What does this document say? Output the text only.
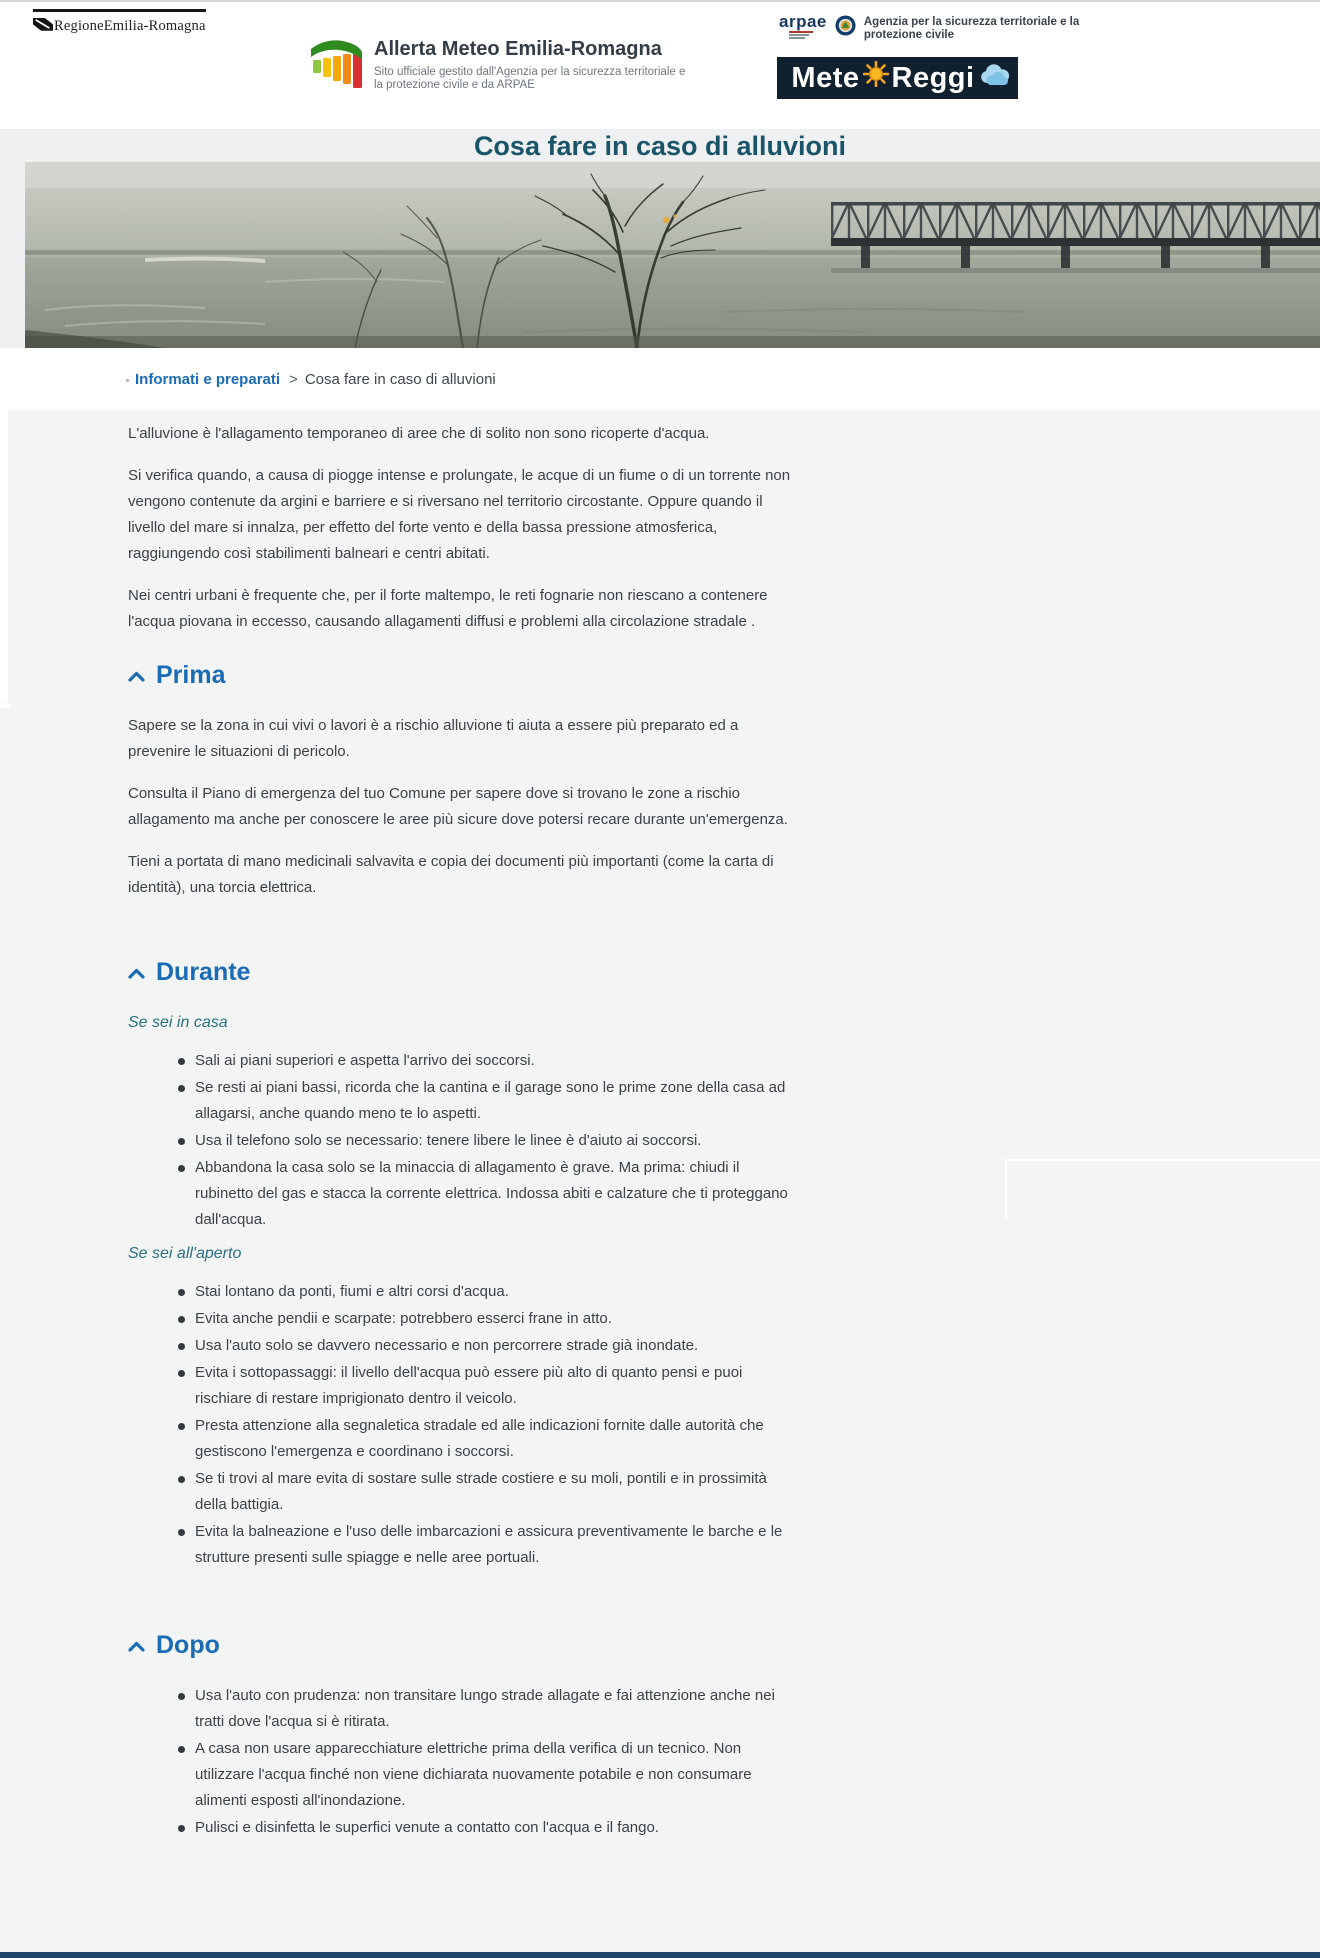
RegioneEmilia-Romagna
Allerta Meteo Emilia-Romagna
Sito ufficiale gestito dall'Agenzia per la sicurezza territoriale e
la protezione civile e da ARPAE
arpae	Agenzia per la sicurezza territoriale e la
protezione civile
Mete Reggi
Cosa fare in caso di alluvioni
Informati e preparati > Cosa fare in caso di alluvioni

L'alluvione è l'allagamento temporaneo di aree che di solito non sono ricoperte d'acqua.

Si verifica quando, a causa di piogge intense e prolungate, le acque di un fiume o di un torrente non vengono contenute da argini e barriere e si riversano nel territorio circostante. Oppure quando il livello del mare si innalza, per effetto del forte vento e della bassa pressione atmosferica, raggiungendo così stabilimenti balneari e centri abitati.

Nei centri urbani è frequente che, per il forte maltempo, le reti fognarie non riescano a contenere l'acqua piovana in eccesso, causando allagamenti diffusi e problemi alla circolazione stradale .

Prima

Sapere se la zona in cui vivi o lavori è a rischio alluvione ti aiuta a essere più preparato ed a prevenire le situazioni di pericolo.

Consulta il Piano di emergenza del tuo Comune per sapere dove si trovano le zone a rischio allagamento ma anche per conoscere le aree più sicure dove potersi recare durante un'emergenza.

Tieni a portata di mano medicinali salvavita e copia dei documenti più importanti (come la carta di identità), una torcia elettrica.

Durante
Se sei in casa
Sali ai piani superiori e aspetta l'arrivo dei soccorsi.
Se resti ai piani bassi, ricorda che la cantina e il garage sono le prime zone della casa ad allagarsi, anche quando meno te lo aspetti.
Usa il telefono solo se necessario: tenere libere le linee è d'aiuto ai soccorsi.
Abbandona la casa solo se la minaccia di allagamento è grave. Ma prima: chiudi il rubinetto del gas e stacca la corrente elettrica. Indossa abiti e calzature che ti proteggano dall'acqua.
Se sei all'aperto
Stai lontano da ponti, fiumi e altri corsi d'acqua.
Evita anche pendii e scarpate: potrebbero esserci frane in atto.
Usa l'auto solo se davvero necessario e non percorrere strade già inondate.
Evita i sottopassaggi: il livello dell'acqua può essere più alto di quanto pensi e puoi rischiare di restare imprigionato dentro il veicolo.
Presta attenzione alla segnaletica stradale ed alle indicazioni fornite dalle autorità che gestiscono l'emergenza e coordinano i soccorsi.
Se ti trovi al mare evita di sostare sulle strade costiere e su moli, pontili e in prossimità della battigia.
Evita la balneazione e l'uso delle imbarcazioni e assicura preventivamente le barche e le strutture presenti sulle spiagge e nelle aree portuali.
Dopo
Usa l'auto con prudenza: non transitare lungo strade allagate e fai attenzione anche nei tratti dove l'acqua si è ritirata.
A casa non usare apparecchiature elettriche prima della verifica di un tecnico. Non utilizzare l'acqua finché non viene dichiarata nuovamente potabile e non consumare alimenti esposti all'inondazione.
Pulisci e disinfetta le superfici venute a contatto con l'acqua e il fango.
